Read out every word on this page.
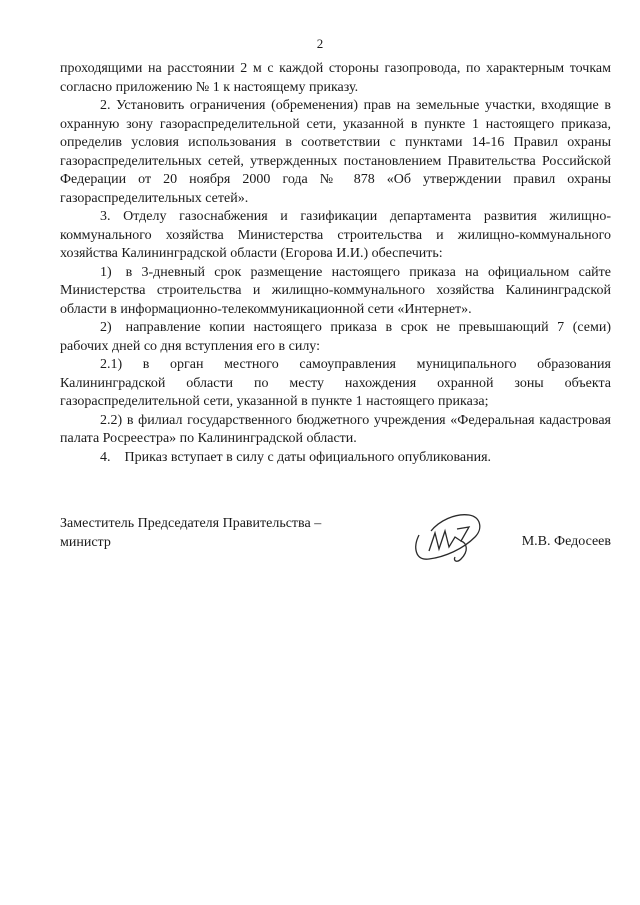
2

проходящими на расстоянии 2 м с каждой стороны газопровода, по характерным точкам согласно приложению № 1 к настоящему приказу.

2. Установить ограничения (обременения) прав на земельные участки, входящие в охранную зону газораспределительной сети, указанной в пункте 1 настоящего приказа, определив условия использования в соответствии с пунктами 14-16 Правил охраны газораспределительных сетей, утвержденных постановлением Правительства Российской Федерации от 20 ноября 2000 года № 878 «Об утверждении правил охраны газораспределительных сетей».

3. Отделу газоснабжения и газификации департамента развития жилищно-коммунального хозяйства Министерства строительства и жилищно-коммунального хозяйства Калининградской области (Егорова И.И.) обеспечить:

1) в 3-дневный срок размещение настоящего приказа на официальном сайте Министерства строительства и жилищно-коммунального хозяйства Калининградской области в информационно-телекоммуникационной сети «Интернет».

2) направление копии настоящего приказа в срок не превышающий 7 (семи) рабочих дней со дня вступления его в силу:

2.1) в орган местного самоуправления муниципального образования Калининградской области по месту нахождения охранной зоны объекта газораспределительной сети, указанной в пункте 1 настоящего приказа;

2.2) в филиал государственного бюджетного учреждения «Федеральная кадастровая палата Росреестра» по Калининградской области.

4. Приказ вступает в силу с даты официального опубликования.

Заместитель Председателя Правительства –
министр	М.В. Федосеев
